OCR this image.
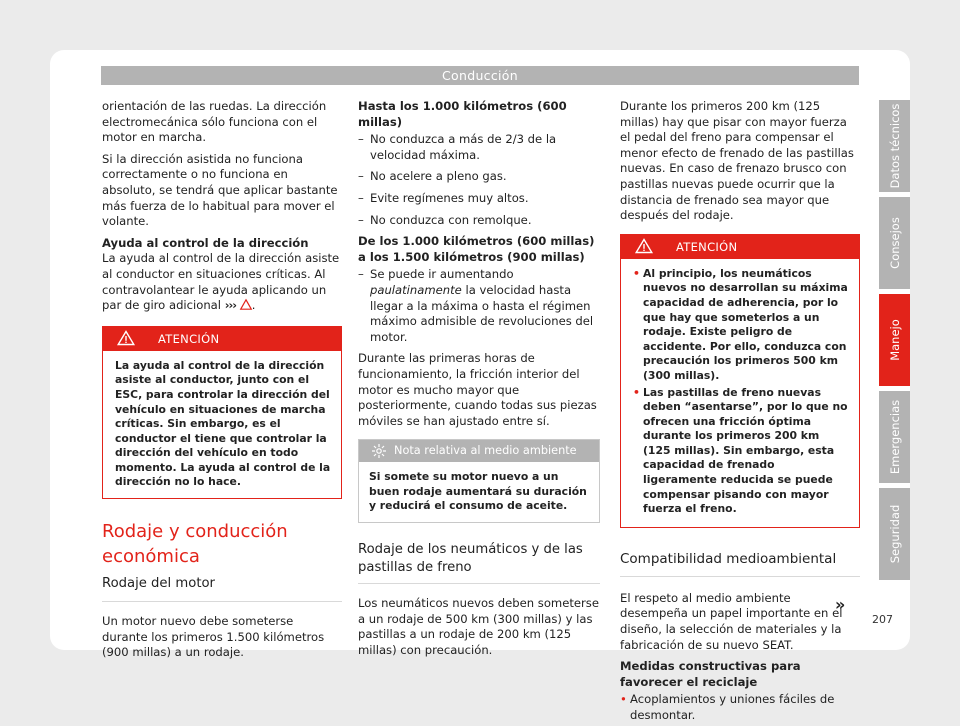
Conducción

orientación de las ruedas. La dirección electromecánica sólo funciona con el motor en marcha.

Si la dirección asistida no funciona correctamente o no funciona en absoluto, se tendrá que aplicar bastante más fuerza de lo habitual para mover el volante.

Ayuda al control de la dirección

La ayuda al control de la dirección asiste al conductor en situaciones críticas. Al contravolantear le ayuda aplicando un par de giro adicional ››› .

ATENCIÓN
La ayuda al control de la dirección asiste al conductor, junto con el ESC, para controlar la dirección del vehículo en situaciones de marcha críticas. Sin embargo, es el conductor el tiene que controlar la dirección del vehículo en todo momento. La ayuda al control de la dirección no lo hace.
Rodaje y conducción económica
Rodaje del motor

Un motor nuevo debe someterse durante los primeros 1.500 kilómetros (900 millas) a un rodaje.

Hasta los 1.000 kilómetros (600 millas)

– No conduzca a más de 2/3 de la velocidad máxima.
– No acelere a pleno gas.
– Evite regímenes muy altos.
– No conduzca con remolque.

De los 1.000 kilómetros (600 millas) a los 1.500 kilómetros (900 millas)

– Se puede ir aumentando paulatinamente la velocidad hasta llegar a la máxima o hasta el régimen máximo admisible de revoluciones del motor.

Durante las primeras horas de funcionamiento, la fricción interior del motor es mucho mayor que posteriormente, cuando todas sus piezas móviles se han ajustado entre sí.

Nota relativa al medio ambiente
Si somete su motor nuevo a un buen rodaje aumentará su duración y reducirá el consumo de aceite.
Rodaje de los neumáticos y de las pastillas de freno

Los neumáticos nuevos deben someterse a un rodaje de 500 km (300 millas) y las pastillas a un rodaje de 200 km (125 millas) con precaución.

Durante los primeros 200 km (125 millas) hay que pisar con mayor fuerza el pedal del freno para compensar el menor efecto de frenado de las pastillas nuevas. En caso de frenazo brusco con pastillas nuevas puede ocurrir que la distancia de frenado sea mayor que después del rodaje.

ATENCIÓN
• Al principio, los neumáticos nuevos no desarrollan su máxima capacidad de adherencia, por lo que hay que someterlos a un rodaje. Existe peligro de accidente. Por ello, conduzca con precaución los primeros 500 km (300 millas).
• Las pastillas de freno nuevas deben “asentarse”, por lo que no ofrecen una fricción óptima durante los primeros 200 km (125 millas). Sin embargo, esta capacidad de frenado ligeramente reducida se puede compensar pisando con mayor fuerza el freno.
Compatibilidad medioambiental

El respeto al medio ambiente desempeña un papel importante en el diseño, la selección de materiales y la fabricación de su nuevo SEAT.

Medidas constructivas para favorecer el reciclaje

• Acoplamientos y uniones fáciles de desmontar.
Datos técnicos
Consejos
Manejo
Emergencias
Seguridad
»
207
